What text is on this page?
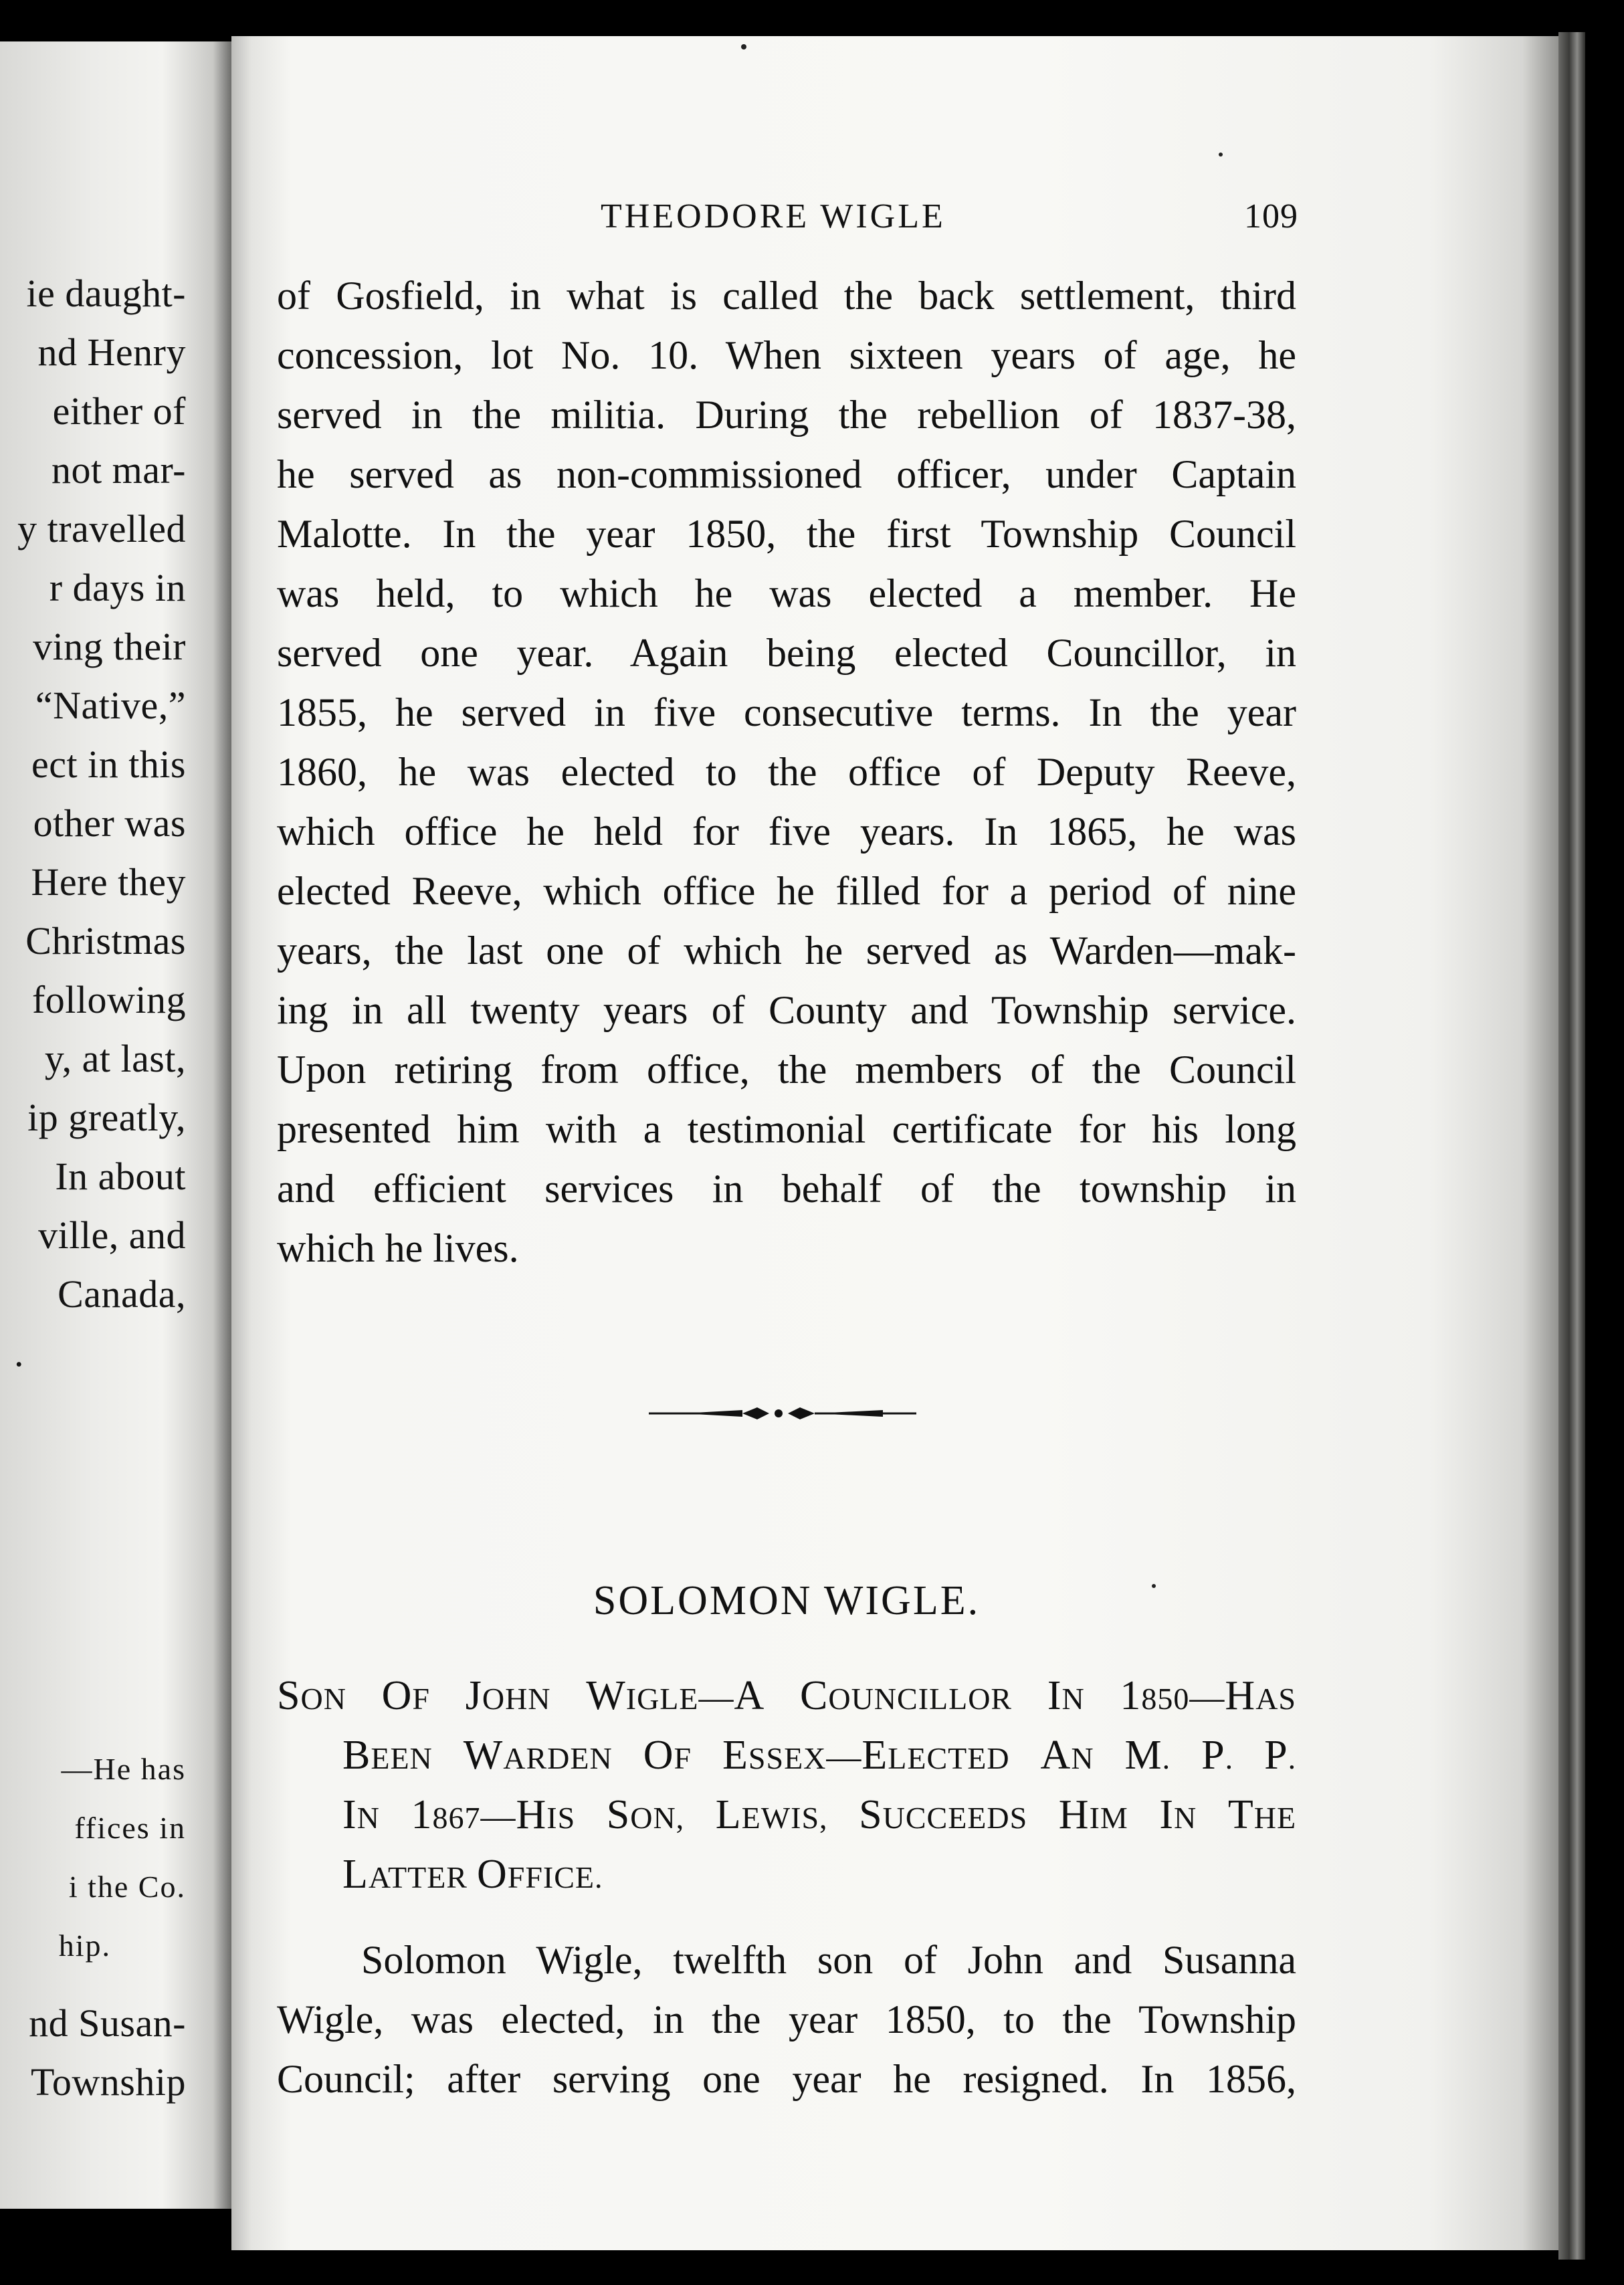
ie daught-
nd Henry
either of
not mar-
y travelled
r days in
ving their
“Native,”
ect in this
other was
Here they
Christmas
following
y, at last,
ip greatly,
In about
ville, and
Canada,
.
—He has
ffices in
i the Co.
hip.
nd Susan-
Township
THEODORE WIGLE	109
of Gosfield, in what is called the back settlement, third
concession, lot No. 10. When sixteen years of age, he
served in the militia. During the rebellion of 1837-38,
he served as non-commissioned officer, under Captain
Malotte. In the year 1850, the first Township Council
was held, to which he was elected a member. He
served one year. Again being elected Councillor, in
1855, he served in five consecutive terms. In the year
1860, he was elected to the office of Deputy Reeve,
which office he held for five years. In 1865, he was
elected Reeve, which office he filled for a period of nine
years, the last one of which he served as Warden—mak-
ing in all twenty years of County and Township service.
Upon retiring from office, the members of the Council
presented him with a testimonial certificate for his long
and efficient services in behalf of the township in
which he lives.
SOLOMON WIGLE.
SON OF JOHN WIGLE—A COUNCILLOR IN 1850—HAS
BEEN WARDEN OF ESSEX—ELECTED AN M. P. P.
IN 1867—HIS SON, LEWIS, SUCCEEDS HIM IN THE
LATTER OFFICE.
Solomon Wigle, twelfth son of John and Susanna
Wigle, was elected, in the year 1850, to the Township
Council; after serving one year he resigned. In 1856,
